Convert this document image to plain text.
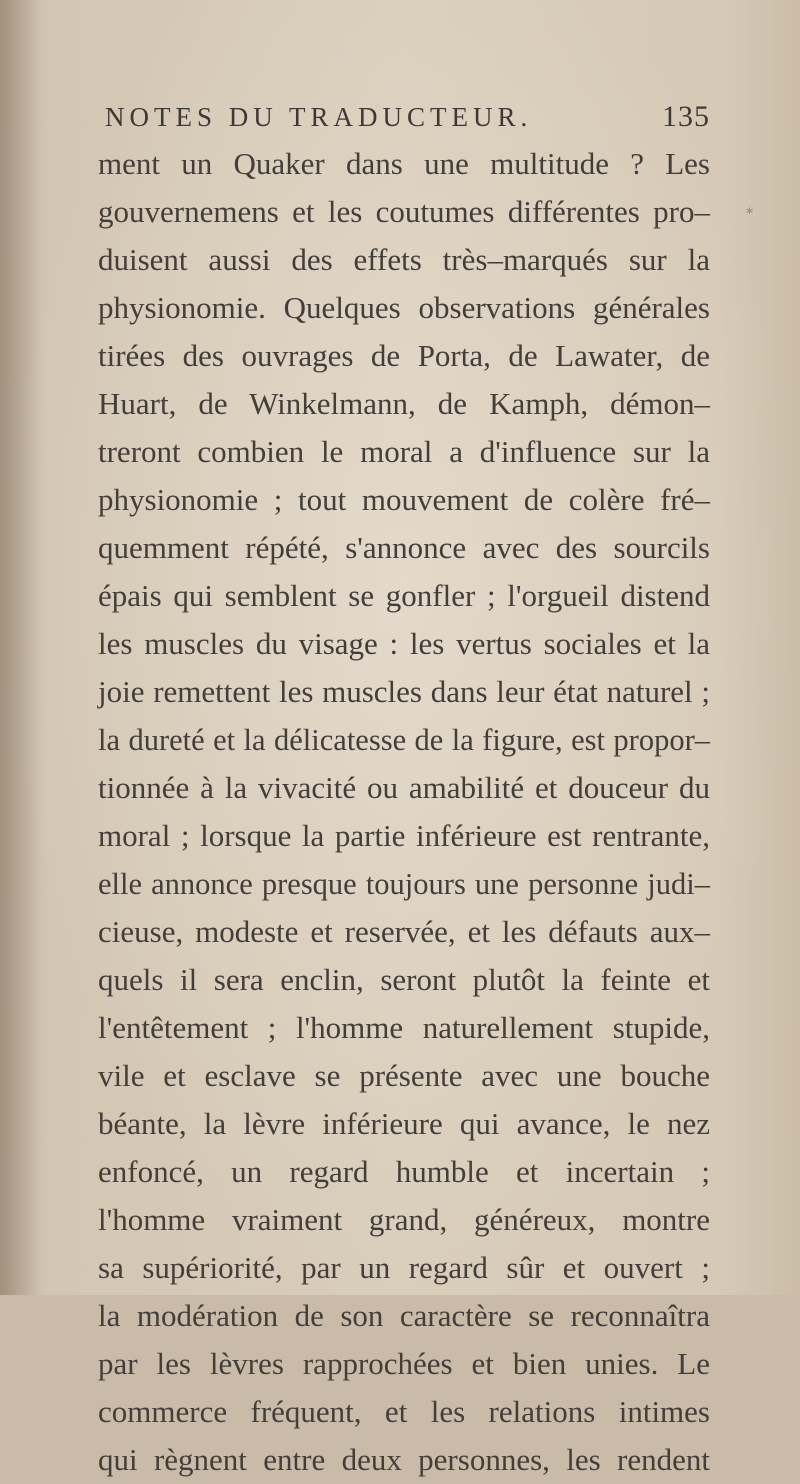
NOTES DU TRADUCTEUR.	135
*
ment un Quaker dans une multitude ? Les
gouvernemens et les coutumes différentes pro–
duisent aussi des effets très–marqués sur la
physionomie. Quelques observations générales
tirées des ouvrages de Porta, de Lawater, de
Huart, de Winkelmann, de Kamph, démon–
treront combien le moral a d'influence sur la
physionomie ; tout mouvement de colère fré–
quemment répété, s'annonce avec des sourcils
épais qui semblent se gonfler ; l'orgueil distend
les muscles du visage : les vertus sociales et la
joie remettent les muscles dans leur état naturel ;
la dureté et la délicatesse de la figure, est propor–
tionnée à la vivacité ou amabilité et douceur du
moral ; lorsque la partie inférieure est rentrante,
elle annonce presque toujours une personne judi–
cieuse, modeste et reservée, et les défauts aux–
quels il sera enclin, seront plutôt la feinte et
l'entêtement ; l'homme naturellement stupide,
vile et esclave se présente avec une bouche
béante, la lèvre inférieure qui avance, le nez
enfoncé, un regard humble et incertain ;
l'homme vraiment grand, généreux, montre
sa supériorité, par un regard sûr et ouvert ;
la modération de son caractère se reconnaîtra
par les lèvres rapprochées et bien unies. Le
commerce fréquent, et les relations intimes
qui règnent entre deux personnes, les rendent
